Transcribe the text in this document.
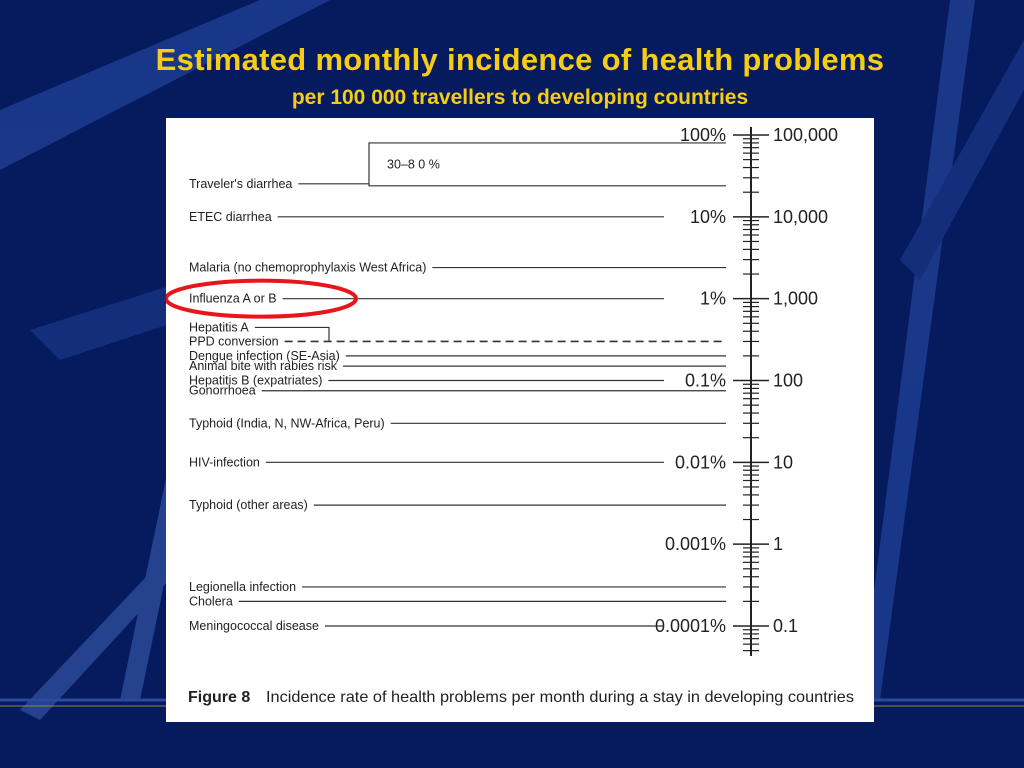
Estimated monthly incidence of health problems
per 100 000 travellers to developing countries
100%	100,000
10%	10,000
1%	1,000
0.1%	100
0.01%	10
0.001%	1
0.0001%	0.1
Traveler's diarrhea
30–8 0 %
ETEC diarrhea
Malaria (no chemoprophylaxis West Africa)
Influenza A or B
Hepatitis A
PPD conversion
Dengue infection (SE-Asia)
Animal bite with rabies risk
Hepatitis B (expatriates)
Gonorrhoea
Typhoid (India, N, NW-Africa, Peru)
HIV-infection
Typhoid (other areas)
Legionella infection
Cholera
Meningococcal disease
Figure 8 Incidence rate of health problems per month during a stay in developing countries
